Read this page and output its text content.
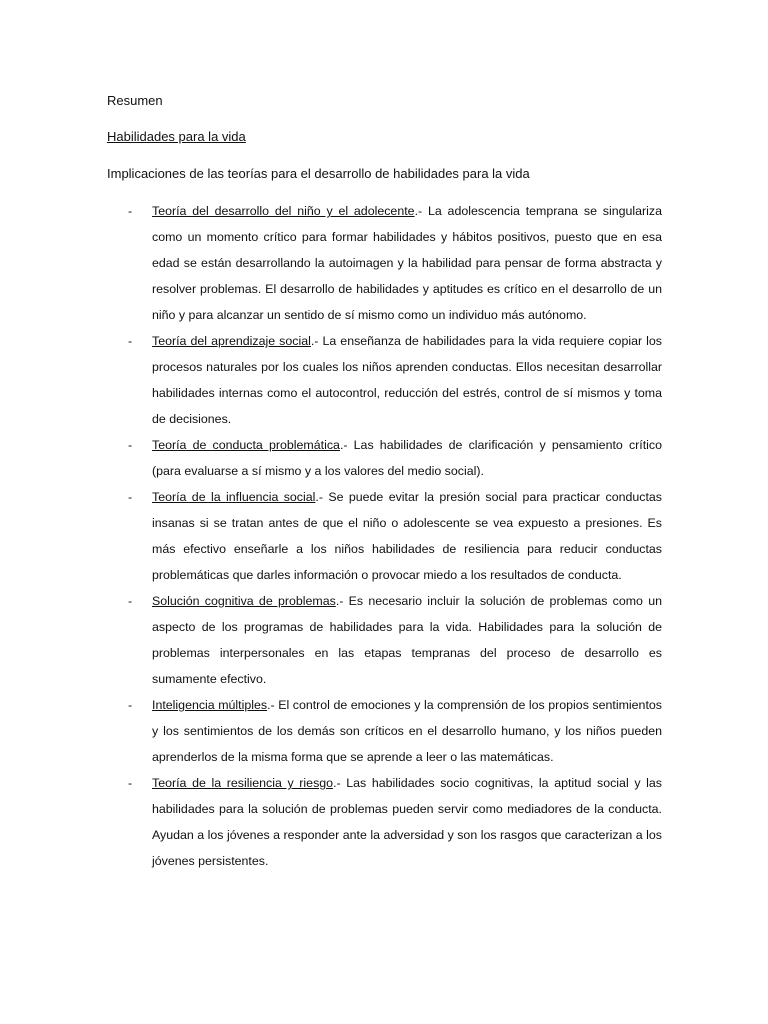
Resumen
Habilidades para la vida
Implicaciones de las teorías para el desarrollo de habilidades para la vida
- Teoría del desarrollo del niño y el adolecente.- La adolescencia temprana se singulariza como un momento crítico para formar habilidades y hábitos positivos, puesto que en esa edad se están desarrollando la autoimagen y la habilidad para pensar de forma abstracta y resolver problemas. El desarrollo de habilidades y aptitudes es crítico en el desarrollo de un niño y para alcanzar un sentido de sí mismo como un individuo más autónomo.
- Teoría del aprendizaje social.- La enseñanza de habilidades para la vida requiere copiar los procesos naturales por los cuales los niños aprenden conductas. Ellos necesitan desarrollar habilidades internas como el autocontrol, reducción del estrés, control de sí mismos y toma de decisiones.
- Teoría de conducta problemática.- Las habilidades de clarificación y pensamiento crítico (para evaluarse a sí mismo y a los valores del medio social).
- Teoría de la influencia social.- Se puede evitar la presión social para practicar conductas insanas si se tratan antes de que el niño o adolescente se vea expuesto a presiones. Es más efectivo enseñarle a los niños habilidades de resiliencia para reducir conductas problemáticas que darles información o provocar miedo a los resultados de conducta.
- Solución cognitiva de problemas.- Es necesario incluir la solución de problemas como un aspecto de los programas de habilidades para la vida. Habilidades para la solución de problemas interpersonales en las etapas tempranas del proceso de desarrollo es sumamente efectivo.
- Inteligencia múltiples.- El control de emociones y la comprensión de los propios sentimientos y los sentimientos de los demás son críticos en el desarrollo humano, y los niños pueden aprenderlos de la misma forma que se aprende a leer o las matemáticas.
- Teoría de la resiliencia y riesgo.- Las habilidades socio cognitivas, la aptitud social y las habilidades para la solución de problemas pueden servir como mediadores de la conducta. Ayudan a los jóvenes a responder ante la adversidad y son los rasgos que caracterizan a los jóvenes persistentes.
